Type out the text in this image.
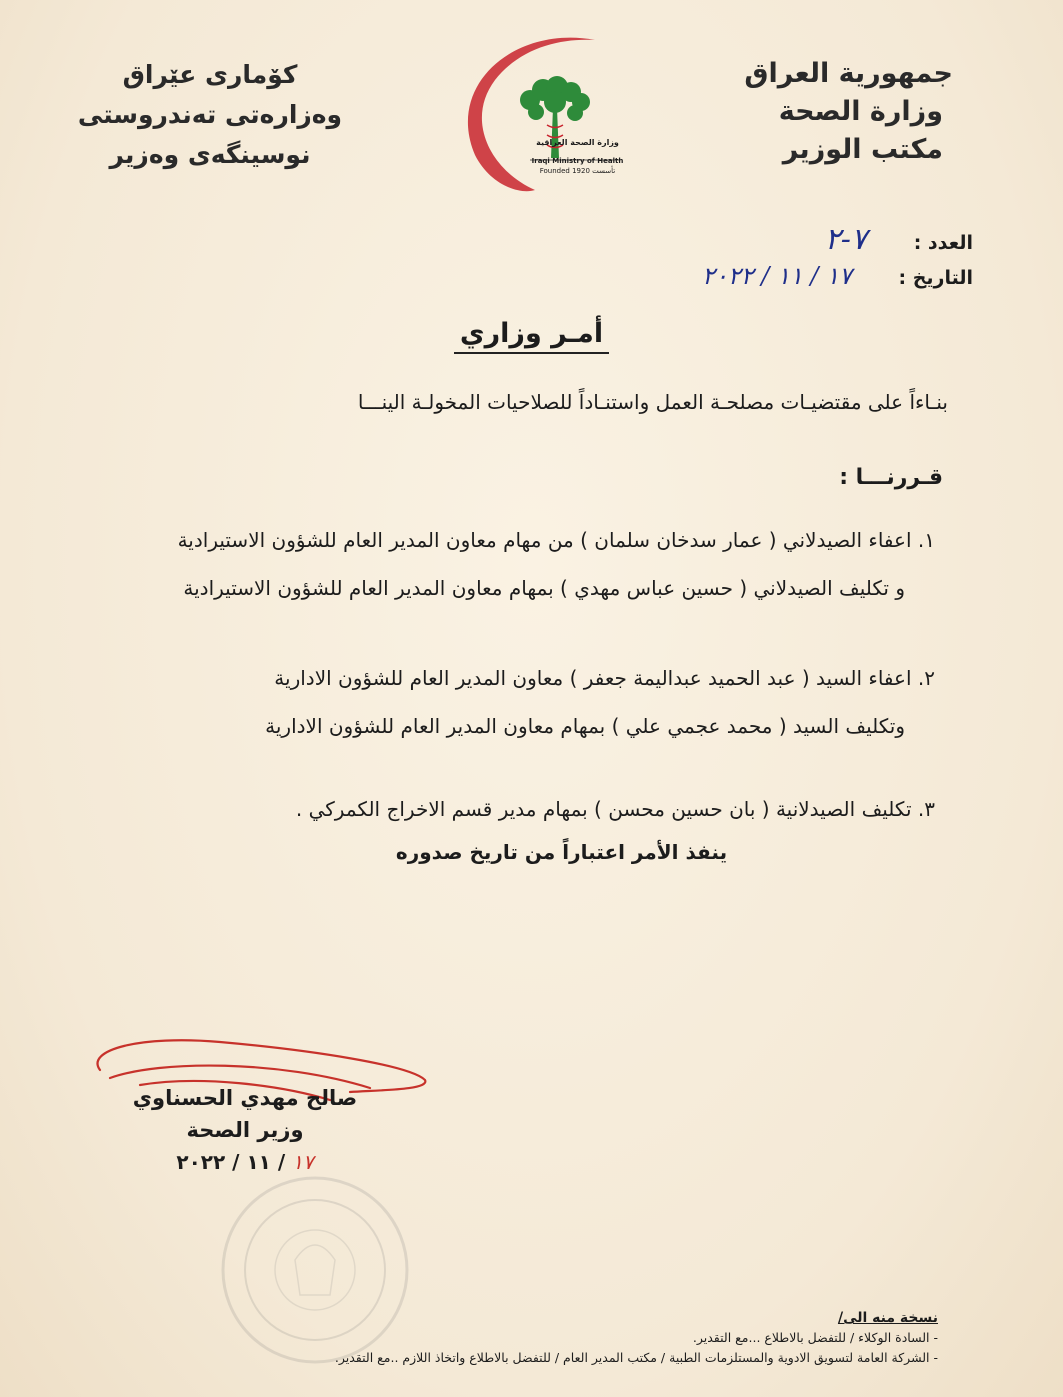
جمهورية العراق
وزارة الصحة
مكتب الوزير
کۆماری عێراق
وەزارەتی تەندروستی
نوسینگەی وەزیر	وزارة الصحة العراقية
Iraqi Ministry of Health
Founded 1920 تأسست
العدد : ٧-٢
التاريخ : ١٧ / ١١ / ٢٠٢٢
أمـر وزاري
بنـاءاً على مقتضيـات مصلحـة العمل واستنـاداً للصلاحيات المخولـة الينـــا
قـررنـــا :
١. اعفاء الصيدلاني ( عمار سدخان سلمان ) من مهام معاون المدير العام للشؤون الاستيرادية
و تكليف الصيدلاني ( حسين عباس مهدي ) بمهام معاون المدير العام للشؤون الاستيرادية
٢. اعفاء السيد ( عبد الحميد عبداليمة جعفر ) معاون المدير العام للشؤون الادارية
وتكليف السيد ( محمد عجمي علي ) بمهام معاون المدير العام للشؤون الادارية
٣. تكليف الصيدلانية ( بان حسين محسن ) بمهام مدير قسم الاخراج الكمركي .
ينفذ الأمر اعتباراً من تاريخ صدوره
صالح مهدي الحسناوي
وزير الصحة
١٧ / ١١ / ٢٠٢٢
نسخة منه الى/
- السادة الوكلاء / للتفضل بالاطلاع ...مع التقدير.
- الشركة العامة لتسويق الادوية والمستلزمات الطبية / مكتب المدير العام / للتفضل بالاطلاع واتخاذ اللازم ..مع التقدير.
